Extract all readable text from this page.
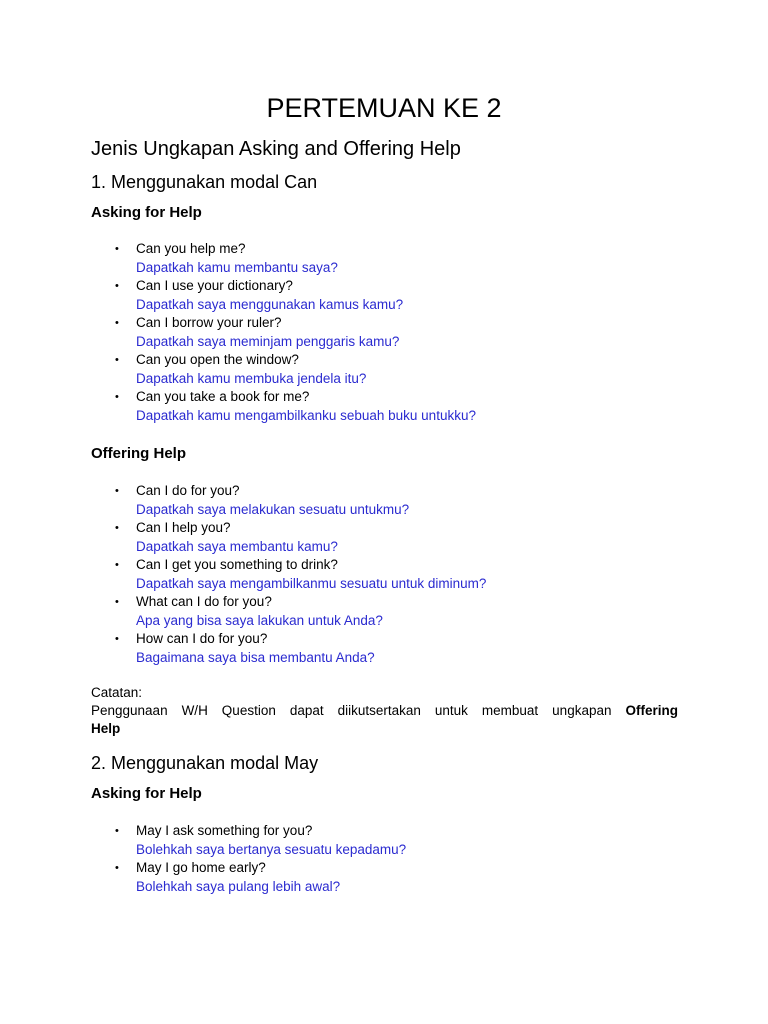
PERTEMUAN KE 2
Jenis Ungkapan Asking and Offering Help
1. Menggunakan modal Can
Asking for Help
• Can you help me?
Dapatkah kamu membantu saya?
• Can I use your dictionary?
Dapatkah saya menggunakan kamus kamu?
• Can I borrow your ruler?
Dapatkah saya meminjam penggaris kamu?
• Can you open the window?
Dapatkah kamu membuka jendela itu?
• Can you take a book for me?
Dapatkah kamu mengambilkanku sebuah buku untukku?
Offering Help
• Can I do for you?
Dapatkah saya melakukan sesuatu untukmu?
• Can I help you?
Dapatkah saya membantu kamu?
• Can I get you something to drink?
Dapatkah saya mengambilkanmu sesuatu untuk diminum?
• What can I do for you?
Apa yang bisa saya lakukan untuk Anda?
• How can I do for you?
Bagaimana saya bisa membantu Anda?

Catatan:

Penggunaan W/H Question dapat diikutsertakan untuk membuat ungkapan Offering

Help

2. Menggunakan modal May
Asking for Help
• May I ask something for you?
Bolehkah saya bertanya sesuatu kepadamu?
• May I go home early?
Bolehkah saya pulang lebih awal?
